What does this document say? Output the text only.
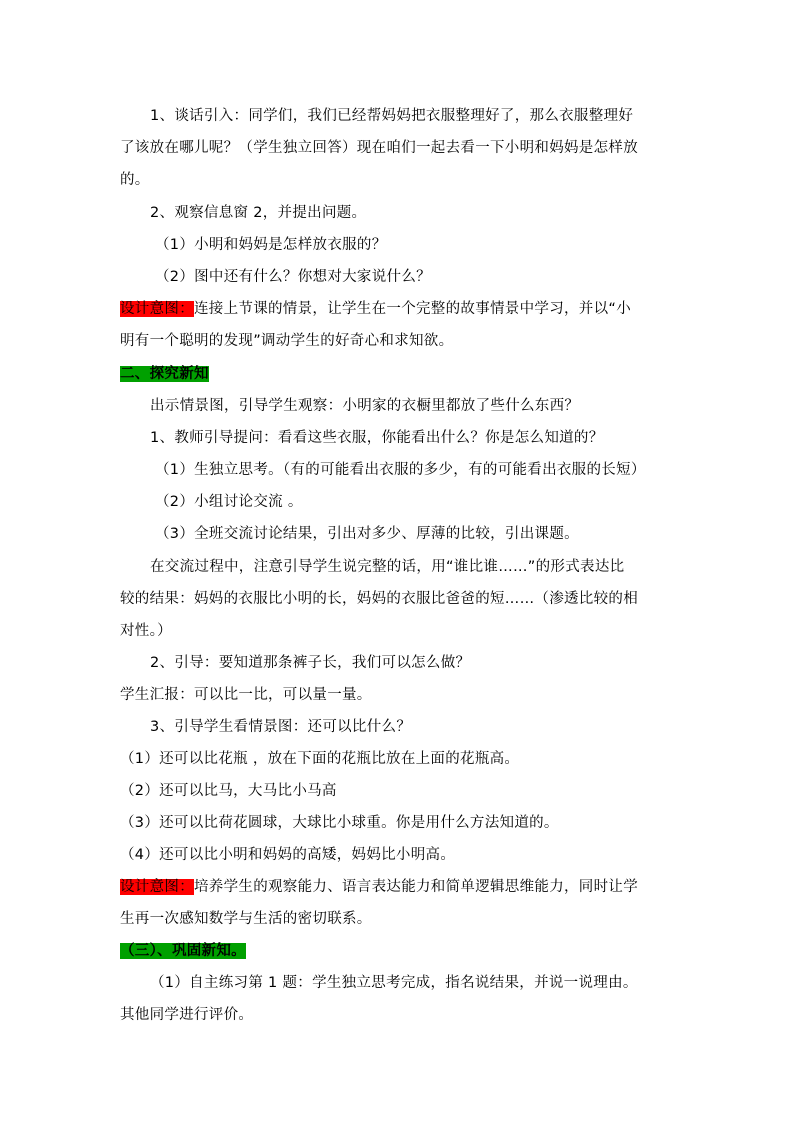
1、谈话引入：同学们，我们已经帮妈妈把衣服整理好了，那么衣服整理好
了该放在哪儿呢？（学生独立回答）现在咱们一起去看一下小明和妈妈是怎样放
的。
2、观察信息窗 2，并提出问题。
（1）小明和妈妈是怎样放衣服的？
（2）图中还有什么？你想对大家说什么？
设计意图：连接上节课的情景，让学生在一个完整的故事情景中学习，并以“小
明有一个聪明的发现”调动学生的好奇心和求知欲。
二、探究新知
出示情景图，引导学生观察：小明家的衣橱里都放了些什么东西？
1、教师引导提问：看看这些衣服，你能看出什么？你是怎么知道的？
（1）生独立思考。（有的可能看出衣服的多少，有的可能看出衣服的长短）
（2）小组讨论交流 。
（3）全班交流讨论结果，引出对多少、厚薄的比较，引出课题。
在交流过程中，注意引导学生说完整的话，用“谁比谁……”的形式表达比
较的结果：妈妈的衣服比小明的长，妈妈的衣服比爸爸的短……（渗透比较的相
对性。）
2、引导：要知道那条裤子长，我们可以怎么做？
学生汇报：可以比一比，可以量一量。
3、引导学生看情景图：还可以比什么？
（1）还可以比花瓶 ，放在下面的花瓶比放在上面的花瓶高。
（2）还可以比马，大马比小马高
（3）还可以比荷花圆球，大球比小球重。你是用什么方法知道的。
（4）还可以比小明和妈妈的高矮，妈妈比小明高。
设计意图：培养学生的观察能力、语言表达能力和简单逻辑思维能力，同时让学
生再一次感知数学与生活的密切联系。
（三）、巩固新知。
（1）自主练习第 1 题：学生独立思考完成，指名说结果，并说一说理由。
其他同学进行评价。
